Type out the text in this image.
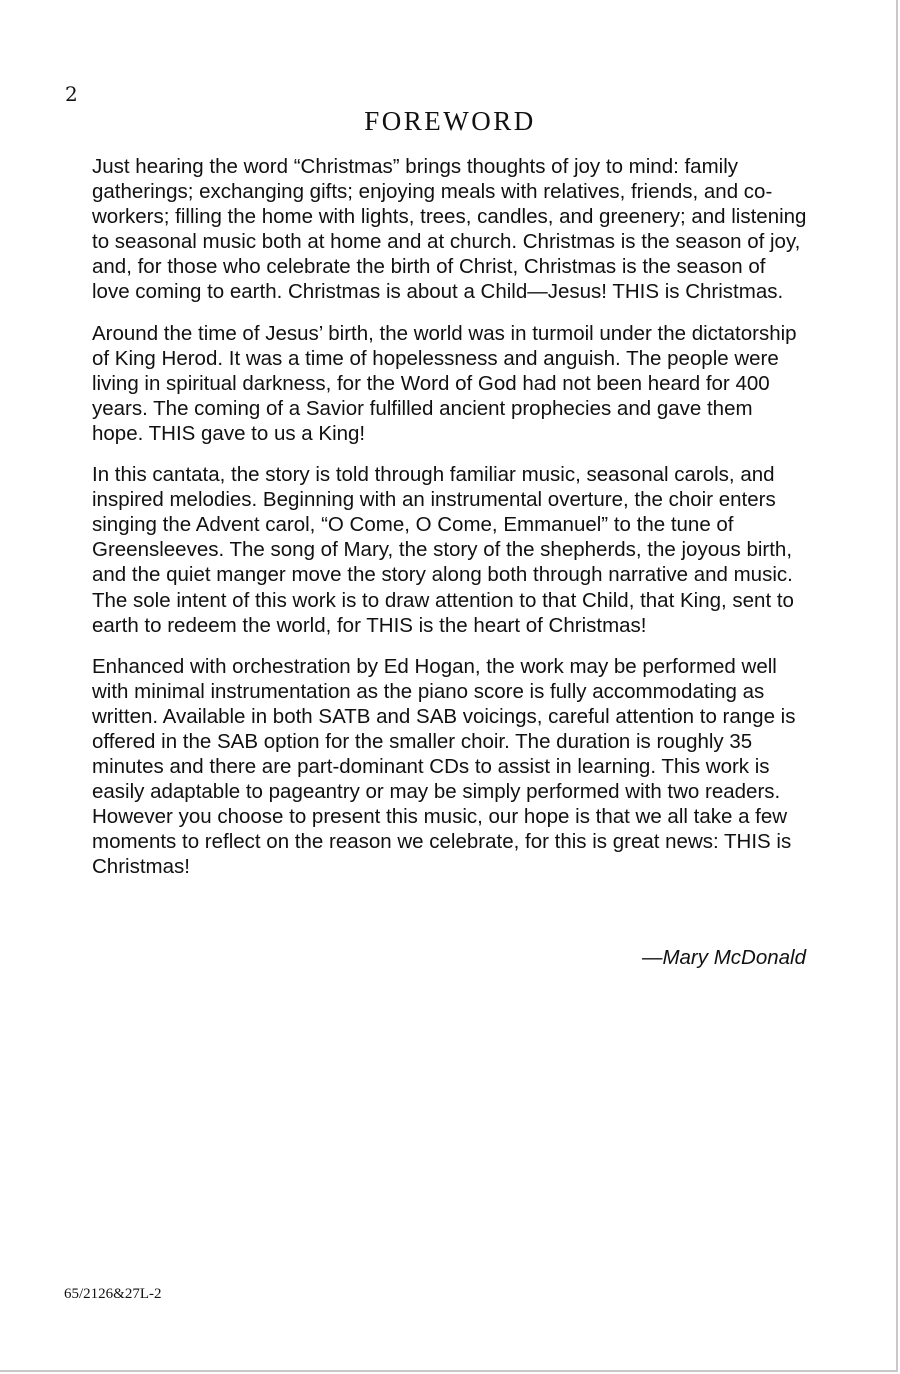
2
FOREWORD

Just hearing the word “Christmas” brings thoughts of joy to mind: family gatherings; exchanging gifts; enjoying meals with relatives, friends, and co-workers; filling the home with lights, trees, candles, and greenery; and listening to seasonal music both at home and at church. Christmas is the season of joy, and, for those who celebrate the birth of Christ, Christmas is the season of love coming to earth. Christmas is about a Child—Jesus! THIS is Christmas.

Around the time of Jesus’ birth, the world was in turmoil under the dictatorship of King Herod. It was a time of hopelessness and anguish. The people were living in spiritual darkness, for the Word of God had not been heard for 400 years. The coming of a Savior fulfilled ancient prophecies and gave them hope. THIS gave to us a King!

In this cantata, the story is told through familiar music, seasonal carols, and inspired melodies. Beginning with an instrumental overture, the choir enters singing the Advent carol, “O Come, O Come, Emmanuel” to the tune of Greensleeves. The song of Mary, the story of the shepherds, the joyous birth, and the quiet manger move the story along both through narrative and music. The sole intent of this work is to draw attention to that Child, that King, sent to earth to redeem the world, for THIS is the heart of Christmas!

Enhanced with orchestration by Ed Hogan, the work may be performed well with minimal instrumentation as the piano score is fully accommodating as written. Available in both SATB and SAB voicings, careful attention to range is offered in the SAB option for the smaller choir. The duration is roughly 35 minutes and there are part-dominant CDs to assist in learning. This work is easily adaptable to pageantry or may be simply performed with two readers. However you choose to present this music, our hope is that we all take a few moments to reflect on the reason we celebrate, for this is great news: THIS is Christmas!

—Mary McDonald
65/2126&27L-2
